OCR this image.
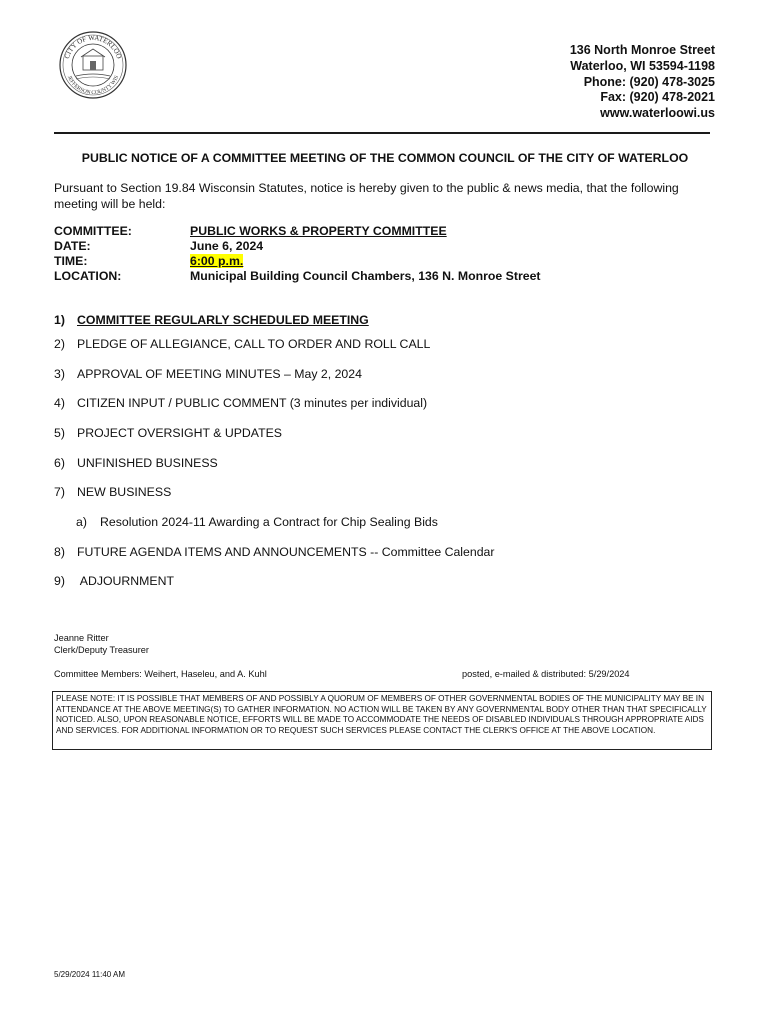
CITY OF WATERLOO
JEFFERSON COUNTY WIS
136 North Monroe Street
Waterloo, WI 53594-1198
Phone: (920) 478-3025
Fax: (920) 478-2021
www.waterloowi.us
PUBLIC NOTICE OF A COMMITTEE MEETING OF THE COMMON COUNCIL OF THE CITY OF WATERLOO
Pursuant to Section 19.84 Wisconsin Statutes, notice is hereby given to the public & news media, that the following meeting will be held:
COMMITTEE:	PUBLIC WORKS & PROPERTY COMMITTEE
DATE:	June 6, 2024
TIME:	6:00 p.m.
LOCATION:	Municipal Building Council Chambers, 136 N. Monroe Street
1) COMMITTEE REGULARLY SCHEDULED MEETING
2) PLEDGE OF ALLEGIANCE, CALL TO ORDER AND ROLL CALL
3) APPROVAL OF MEETING MINUTES – May 2, 2024
4) CITIZEN INPUT / PUBLIC COMMENT (3 minutes per individual)
5) PROJECT OVERSIGHT & UPDATES
6) UNFINISHED BUSINESS
7) NEW BUSINESS
a) Resolution 2024-11 Awarding a Contract for Chip Sealing Bids
8) FUTURE AGENDA ITEMS AND ANNOUNCEMENTS -- Committee Calendar
9) ADJOURNMENT
Jeanne Ritter
Clerk/Deputy Treasurer
Committee Members: Weihert, Haseleu, and A. Kuhl	posted, e-mailed & distributed: 5/29/2024
PLEASE NOTE: IT IS POSSIBLE THAT MEMBERS OF AND POSSIBLY A QUORUM OF MEMBERS OF OTHER GOVERNMENTAL BODIES OF THE MUNICIPALITY MAY BE IN ATTENDANCE AT THE ABOVE MEETING(S) TO GATHER INFORMATION. NO ACTION WILL BE TAKEN BY ANY GOVERNMENTAL BODY OTHER THAN THAT SPECIFICALLY NOTICED. ALSO, UPON REASONABLE NOTICE, EFFORTS WILL BE MADE TO ACCOMMODATE THE NEEDS OF DISABLED INDIVIDUALS THROUGH APPROPRIATE AIDS AND SERVICES. FOR ADDITIONAL INFORMATION OR TO REQUEST SUCH SERVICES PLEASE CONTACT THE CLERK'S OFFICE AT THE ABOVE LOCATION.
5/29/2024 11:40 AM
